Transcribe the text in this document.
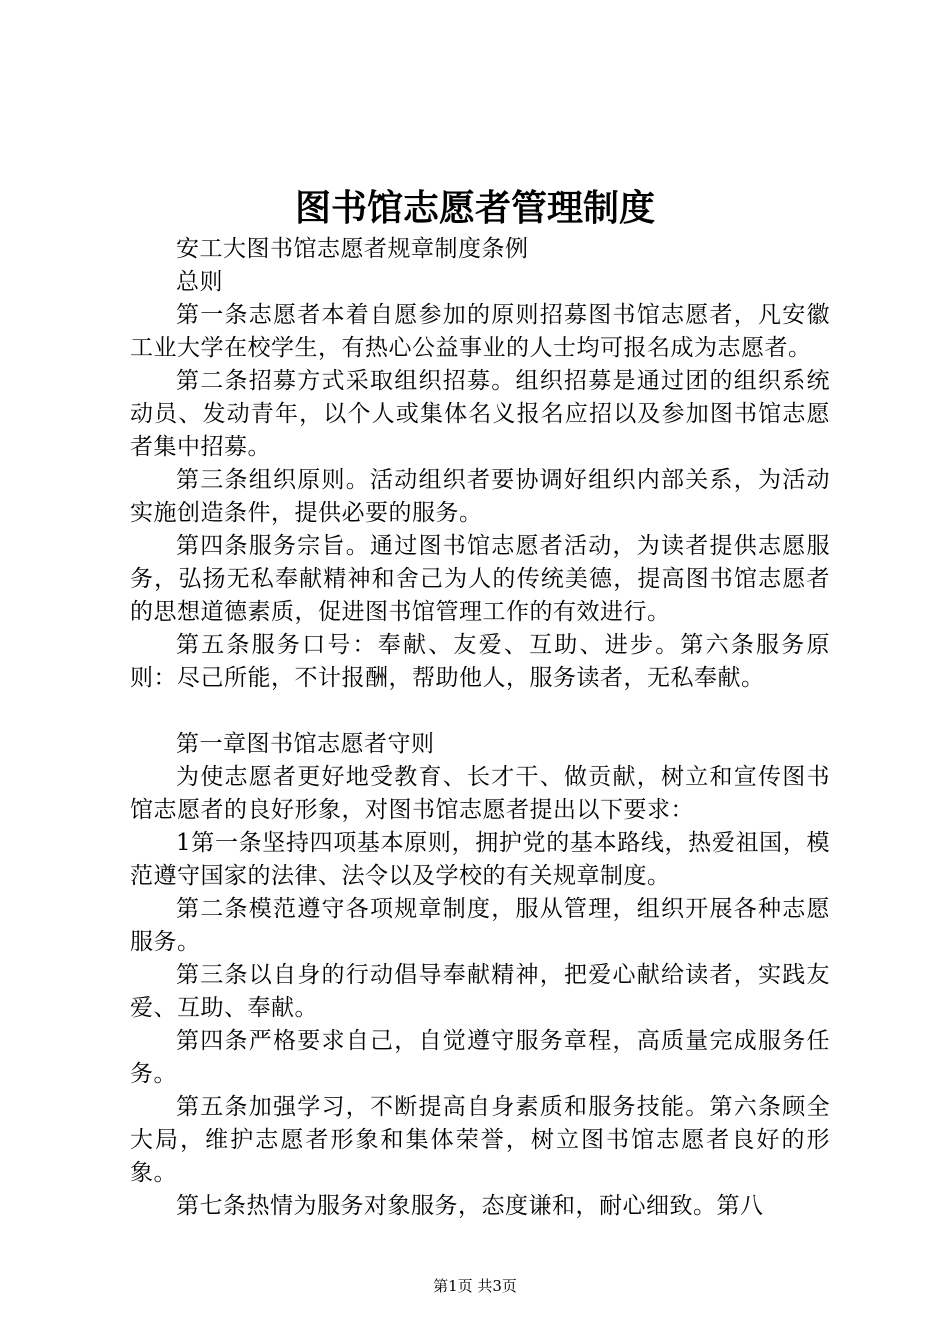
图书馆志愿者管理制度

安工大图书馆志愿者规章制度条例

总则

第一条志愿者本着自愿参加的原则招募图书馆志愿者，凡安徽工业大学在校学生，有热心公益事业的人士均可报名成为志愿者。

第二条招募方式采取组织招募。组织招募是通过团的组织系统动员、发动青年，以个人或集体名义报名应招以及参加图书馆志愿者集中招募。

第三条组织原则。活动组织者要协调好组织内部关系，为活动实施创造条件，提供必要的服务。

第四条服务宗旨。通过图书馆志愿者活动，为读者提供志愿服务，弘扬无私奉献精神和舍己为人的传统美德，提高图书馆志愿者的思想道德素质，促进图书馆管理工作的有效进行。

第五条服务口号：奉献、友爱、互助、进步。第六条服务原则：尽己所能，不计报酬，帮助他人，服务读者，无私奉献。

第一章图书馆志愿者守则

为使志愿者更好地受教育、长才干、做贡献，树立和宣传图书馆志愿者的良好形象，对图书馆志愿者提出以下要求：

1第一条坚持四项基本原则，拥护党的基本路线，热爱祖国，模范遵守国家的法律、法令以及学校的有关规章制度。

第二条模范遵守各项规章制度，服从管理，组织开展各种志愿服务。

第三条以自身的行动倡导奉献精神，把爱心献给读者，实践友爱、互助、奉献。

第四条严格要求自己，自觉遵守服务章程，高质量完成服务任务。

第五条加强学习，不断提高自身素质和服务技能。第六条顾全大局，维护志愿者形象和集体荣誉，树立图书馆志愿者良好的形象。

第七条热情为服务对象服务，态度谦和，耐心细致。第八

第1页 共3页
